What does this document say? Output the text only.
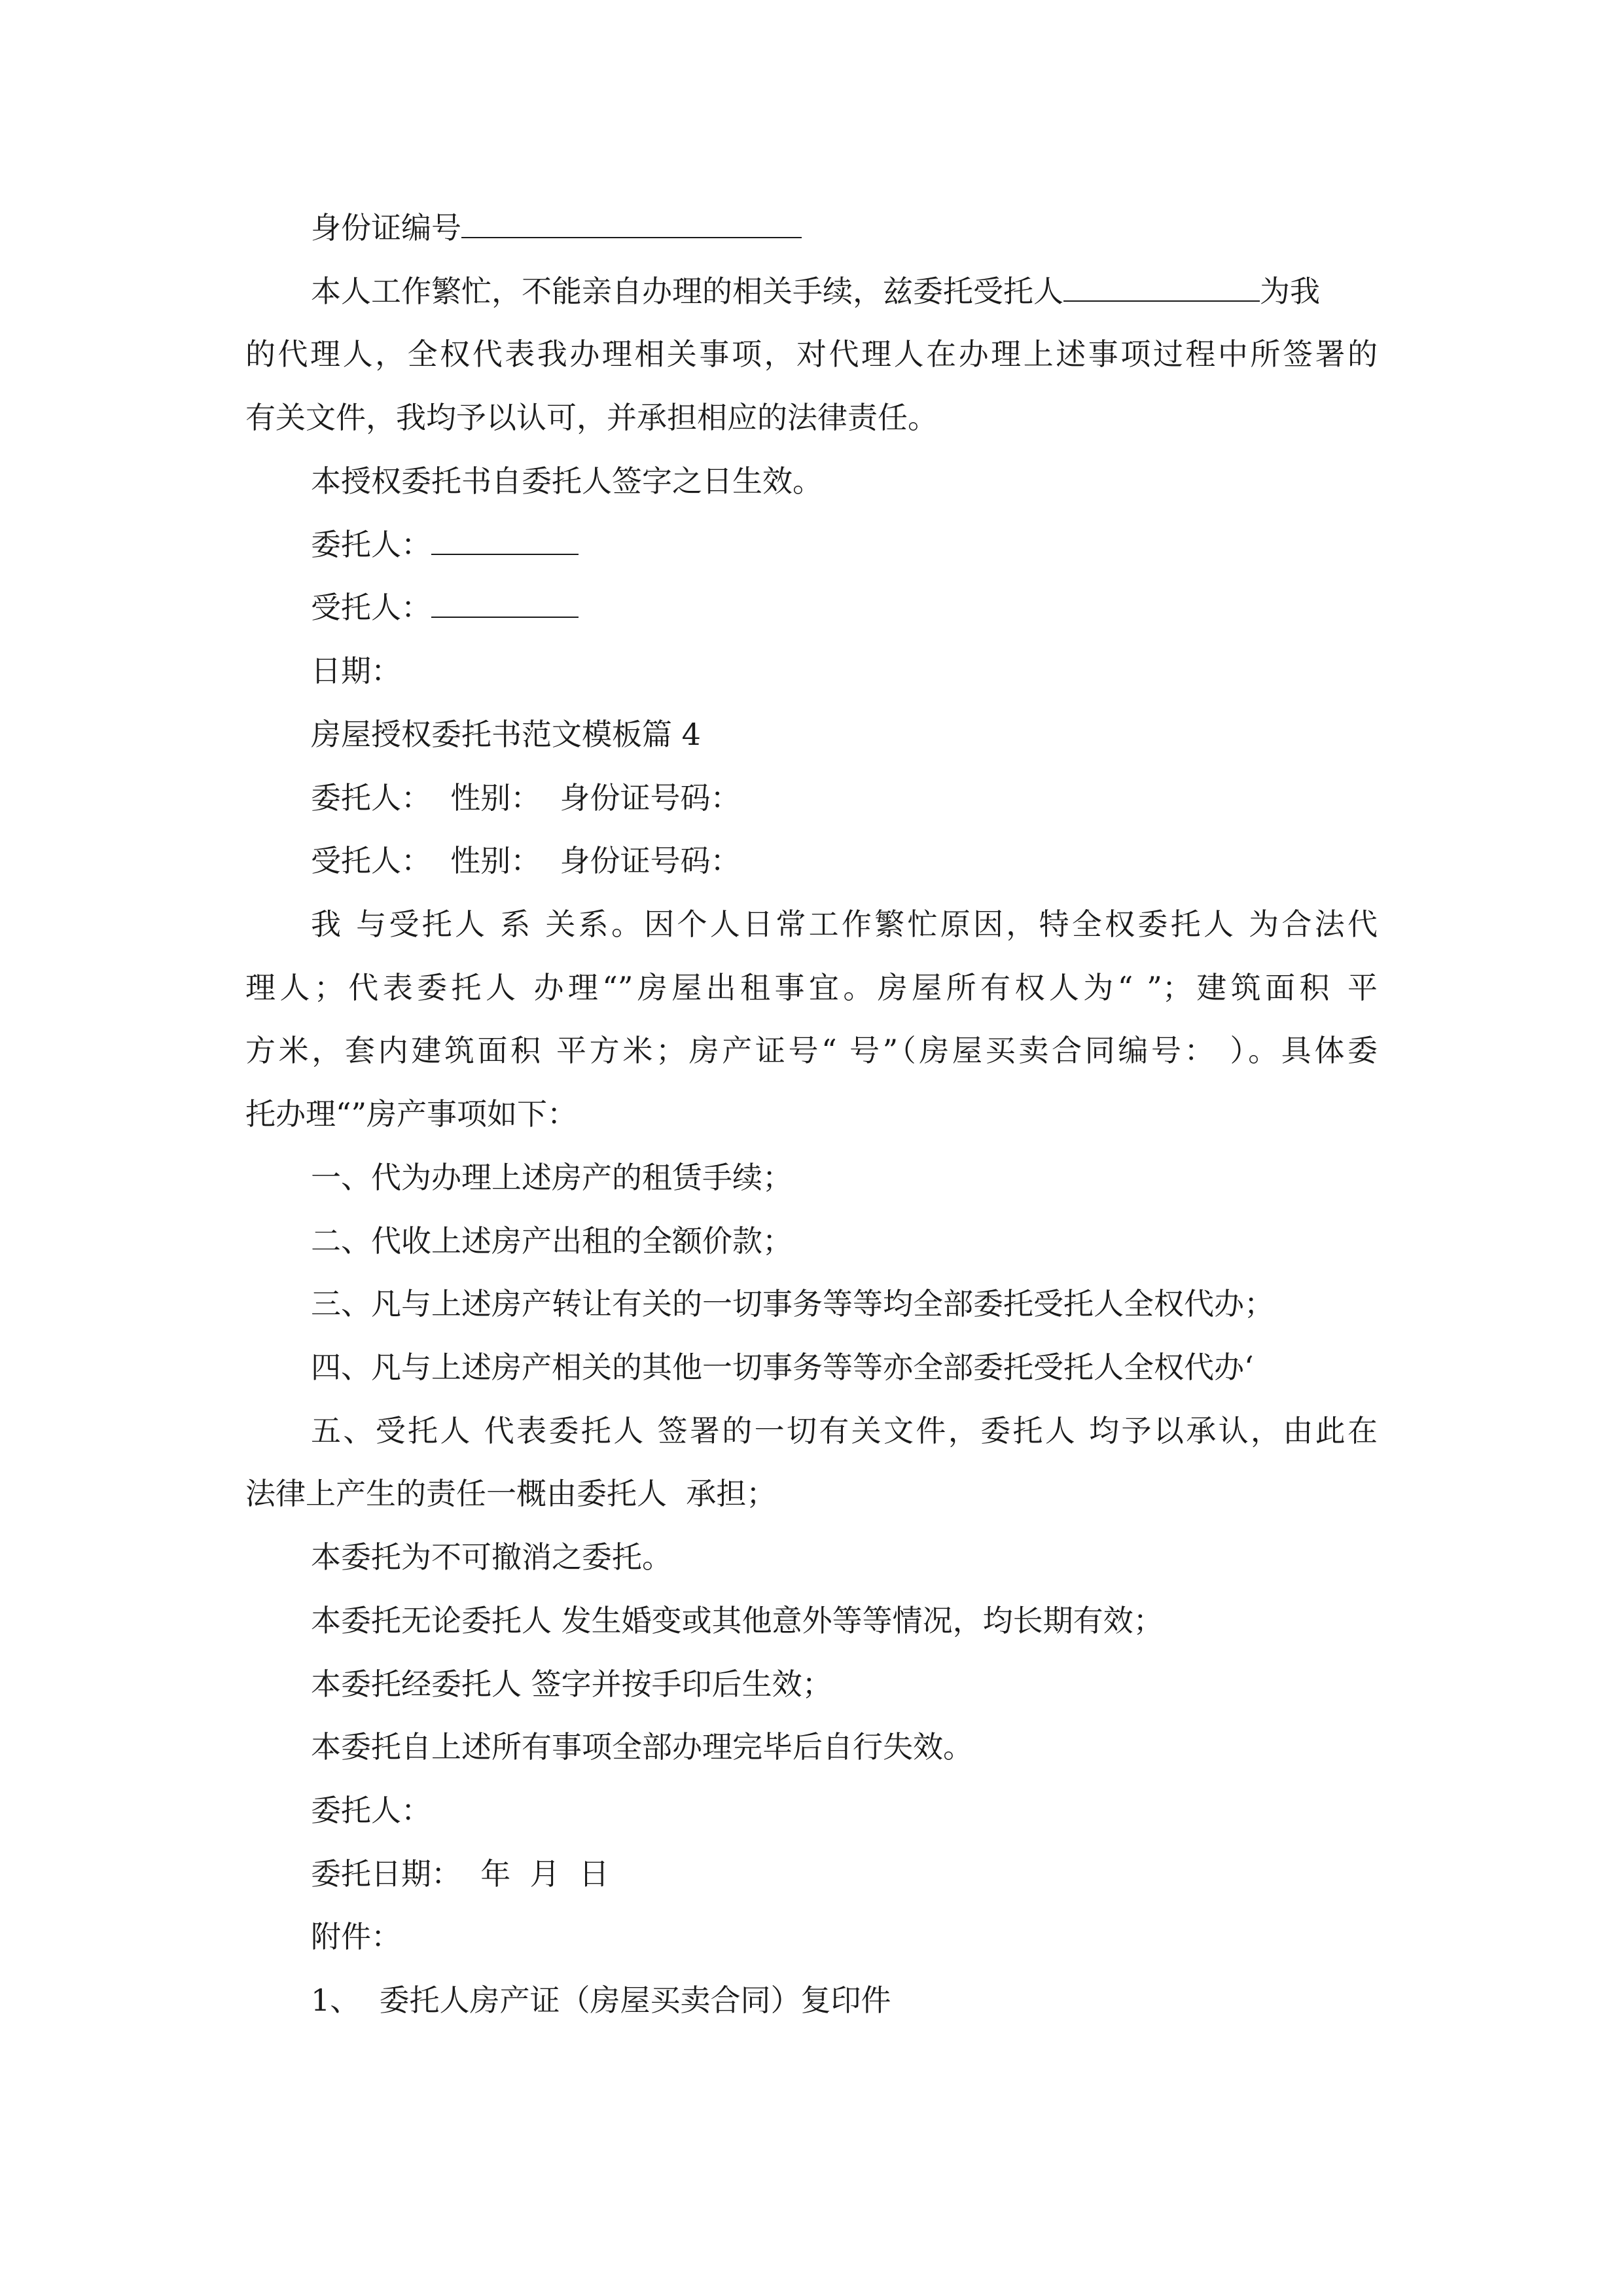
身份证编号
本人工作繁忙，不能亲自办理的相关手续，兹委托受托人	为我
的代理人，全权代表我办理相关事项，对代理人在办理上述事项过程中所签署的
有关文件，我均予以认可，并承担相应的法律责任。
本授权委托书自委托人签字之日生效。
委托人：
受托人：
日期：
房屋授权委托书范文模板篇 4
委托人：  性别：  身份证号码：
受托人：  性别：  身份证号码：
我 与受托人 系 关系。因个人日常工作繁忙原因，特全权委托人 为合法代
理人；代表委托人 办理“”房屋出租事宜。房屋所有权人为“ ”；建筑面积 平
方米，套内建筑面积 平方米；房产证号“ 号”（房屋买卖合同编号： ）。具体委
托办理“”房产事项如下：
一、代为办理上述房产的租赁手续；
二、代收上述房产出租的全额价款；
三、凡与上述房产转让有关的一切事务等等均全部委托受托人全权代办；
四、凡与上述房产相关的其他一切事务等等亦全部委托受托人全权代办‘
五、受托人 代表委托人 签署的一切有关文件，委托人 均予以承认，由此在
法律上产生的责任一概由委托人  承担；
本委托为不可撤消之委托。
本委托无论委托人 发生婚变或其他意外等等情况，均长期有效；
本委托经委托人 签字并按手印后生效；
本委托自上述所有事项全部办理完毕后自行失效。
委托人：
委托日期：  年  月  日
附件：
1、  委托人房产证（房屋买卖合同）复印件
